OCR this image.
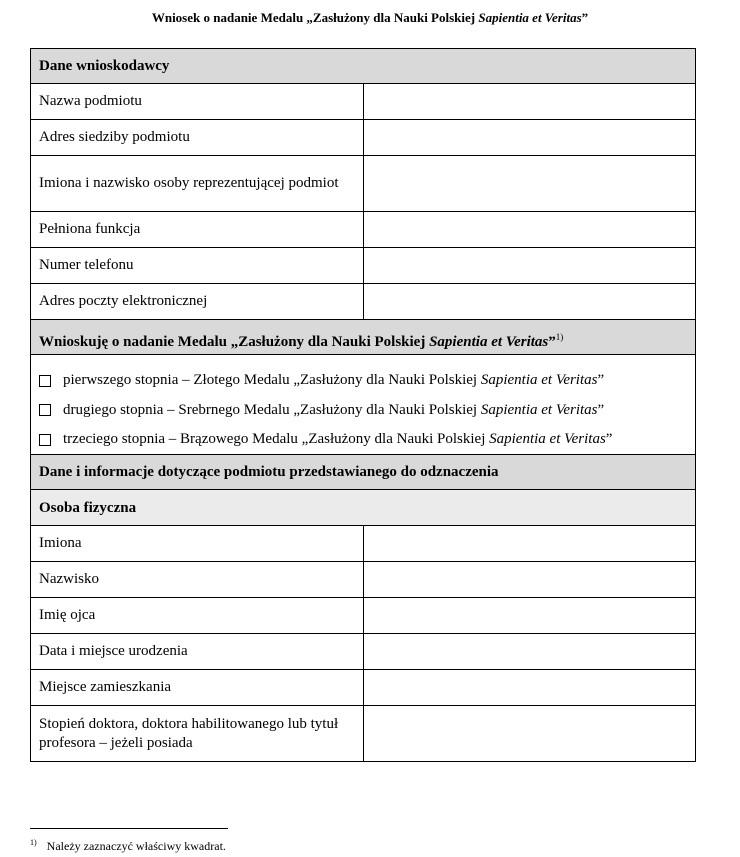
Wniosek o nadanie Medalu „Zasłużony dla Nauki Polskiej Sapientia et Veritas”
Dane wnioskodawcy
Nazwa podmiotu
Adres siedziby podmiotu
Imiona i nazwisko osoby reprezentującej podmiot
Pełniona funkcja
Numer telefonu
Adres poczty elektronicznej
Wnioskuję o nadanie Medalu „Zasłużony dla Nauki Polskiej Sapientia et Veritas”$^{1)}$
pierwszego stopnia – Złotego Medalu „Zasłużony dla Nauki Polskiej Sapientia et Veritas”
drugiego stopnia – Srebrnego Medalu „Zasłużony dla Nauki Polskiej Sapientia et Veritas”
trzeciego stopnia – Brązowego Medalu „Zasłużony dla Nauki Polskiej Sapientia et Veritas”
Dane i informacje dotyczące podmiotu przedstawianego do odznaczenia
Osoba fizyczna
Imiona
Nazwisko
Imię ojca
Data i miejsce urodzenia
Miejsce zamieszkania
Stopień doktora, doktora habilitowanego lub tytuł profesora – jeżeli posiada
$^{1)}$ Należy zaznaczyć właściwy kwadrat.
